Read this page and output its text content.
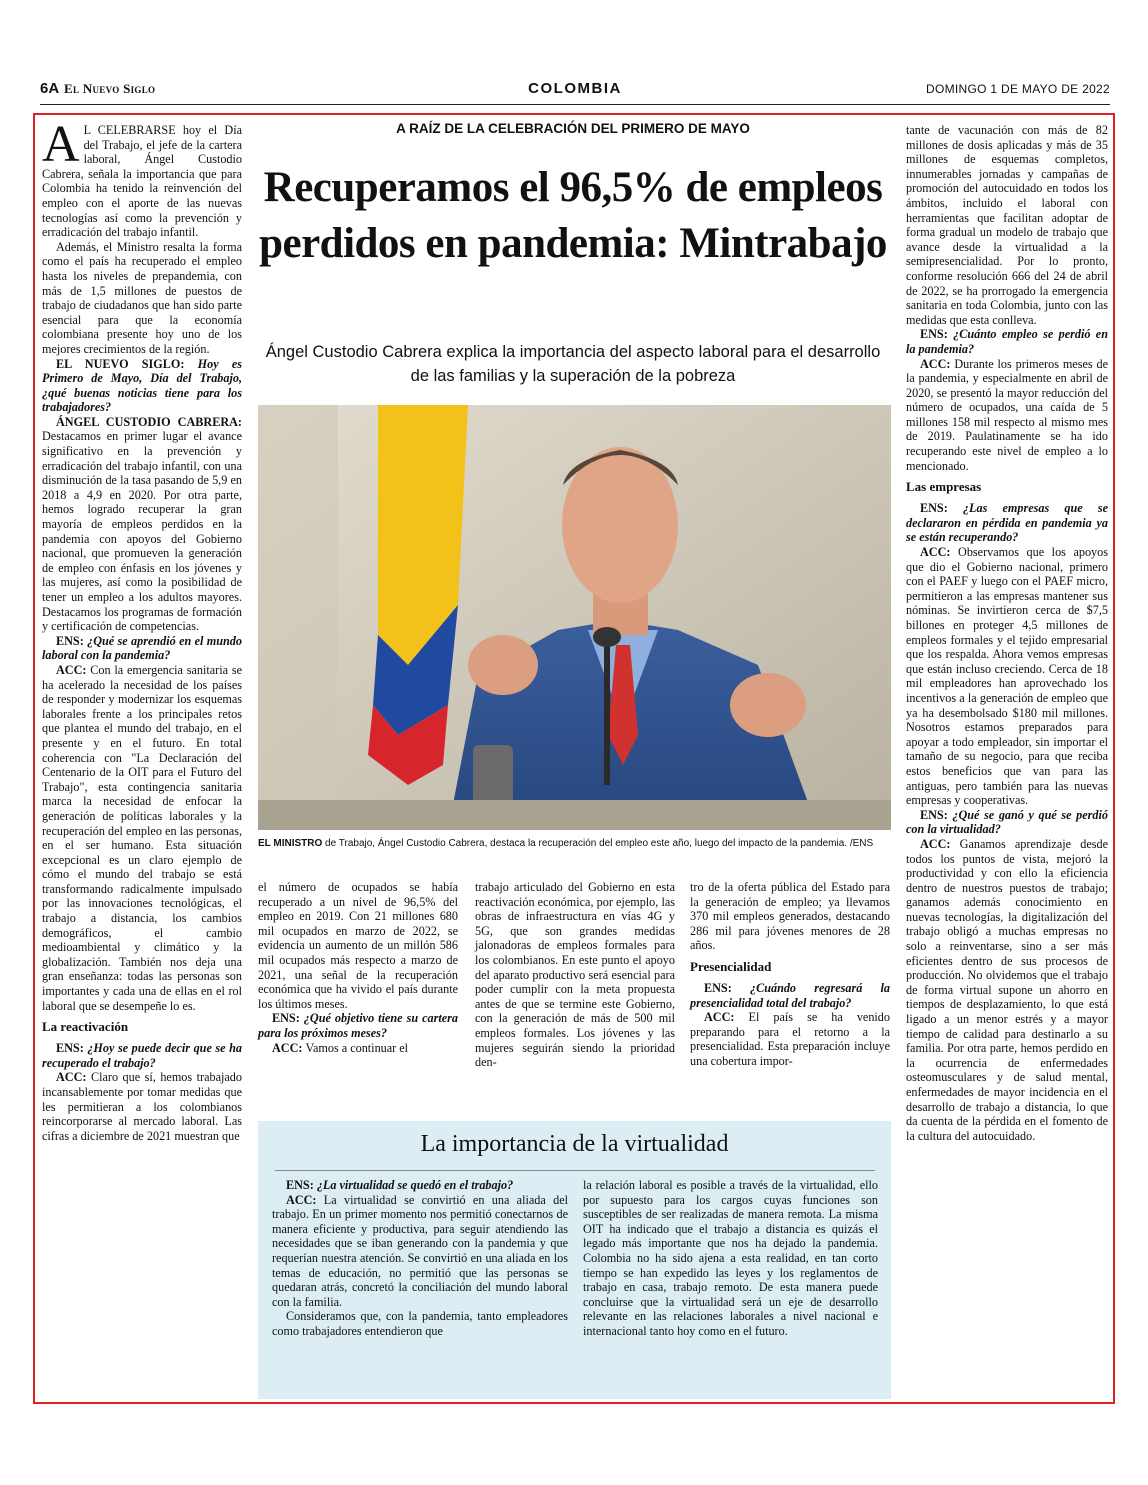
6A El Nuevo Siglo	COLOMBIA	DOMINGO 1 DE MAYO DE 2022
A RAÍZ DE LA CELEBRACIÓN DEL PRIMERO DE MAYO
Recuperamos el 96,5% de empleos perdidos en pandemia: Mintrabajo
Ángel Custodio Cabrera explica la importancia del aspecto laboral para el desarrollo de las familias y la superación de la pobreza
EL MINISTRO de Trabajo, Ángel Custodio Cabrera, destaca la recuperación del empleo este año, luego del impacto de la pandemia. /ENS

A L CELEBRARSE hoy el Día del Trabajo, el jefe de la cartera laboral, Ángel Custodio Cabrera, señala la importancia que para Colombia ha tenido la reinvención del empleo con el aporte de las nuevas tecnologías así como la prevención y erradicación del trabajo infantil.

Además, el Ministro resalta la forma como el país ha recuperado el empleo hasta los niveles de prepandemia, con más de 1,5 millones de puestos de trabajo de ciudadanos que han sido parte esencial para que la economía colombiana presente hoy uno de los mejores crecimientos de la región.

EL NUEVO SIGLO: Hoy es Primero de Mayo, Día del Trabajo, ¿qué buenas noticias tiene para los trabajadores?

ÁNGEL CUSTODIO CABRERA: Destacamos en primer lugar el avance significativo en la prevención y erradicación del trabajo infantil, con una disminución de la tasa pasando de 5,9 en 2018 a 4,9 en 2020. Por otra parte, hemos logrado recuperar la gran mayoría de empleos perdidos en la pandemia con apoyos del Gobierno nacional, que promueven la generación de empleo con énfasis en los jóvenes y las mujeres, así como la posibilidad de tener un empleo a los adultos mayores. Destacamos los programas de formación y certificación de competencias.

ENS: ¿Qué se aprendió en el mundo laboral con la pandemia?

ACC: Con la emergencia sanitaria se ha acelerado la necesidad de los países de responder y modernizar los esquemas laborales frente a los principales retos que plantea el mundo del trabajo, en el presente y en el futuro. En total coherencia con "La Declaración del Centenario de la OIT para el Futuro del Trabajo", esta contingencia sanitaria marca la necesidad de enfocar la generación de políticas laborales y la recuperación del empleo en las personas, en el ser humano. Esta situación excepcional es un claro ejemplo de cómo el mundo del trabajo se está transformando radicalmente impulsado por las innovaciones tecnológicas, el trabajo a distancia, los cambios demográficos, el cambio medioambiental y climático y la globalización. También nos deja una gran enseñanza: todas las personas son importantes y cada una de ellas en el rol laboral que se desempeñe lo es.

La reactivación

ENS: ¿Hoy se puede decir que se ha recuperado el trabajo?

ACC: Claro que sí, hemos trabajado incansablemente por tomar medidas que les permitieran a los colombianos reincorporarse al mercado laboral. Las cifras a diciembre de 2021 muestran que

el número de ocupados se había recuperado a un nivel de 96,5% del empleo en 2019. Con 21 millones 680 mil ocupados en marzo de 2022, se evidencia un aumento de un millón 586 mil ocupados más respecto a marzo de 2021, una señal de la recuperación económica que ha vivido el país durante los últimos meses.

ENS: ¿Qué objetivo tiene su cartera para los próximos meses?

ACC: Vamos a continuar el

trabajo articulado del Gobierno en esta reactivación económica, por ejemplo, las obras de infraestructura en vías 4G y 5G, que son grandes medidas jalonadoras de empleos formales para los colombianos. En este punto el apoyo del aparato productivo será esencial para poder cumplir con la meta propuesta antes de que se termine este Gobierno, con la generación de más de 500 mil empleos formales. Los jóvenes y las mujeres seguirán siendo la prioridad den-

tro de la oferta pública del Estado para la generación de empleo; ya llevamos 370 mil empleos generados, destacando 286 mil para jóvenes menores de 28 años.

Presencialidad

ENS: ¿Cuándo regresará la presencialidad total del trabajo?

ACC: El país se ha venido preparando para el retorno a la presencialidad. Esta preparación incluye una cobertura impor-

tante de vacunación con más de 82 millones de dosis aplicadas y más de 35 millones de esquemas completos, innumerables jornadas y campañas de promoción del autocuidado en todos los ámbitos, incluido el laboral con herramientas que facilitan adoptar de forma gradual un modelo de trabajo que avance desde la virtualidad a la semipresencialidad. Por lo pronto, conforme resolución 666 del 24 de abril de 2022, se ha prorrogado la emergencia sanitaria en toda Colombia, junto con las medidas que esta conlleva.

ENS: ¿Cuánto empleo se perdió en la pandemia?

ACC: Durante los primeros meses de la pandemia, y especialmente en abril de 2020, se presentó la mayor reducción del número de ocupados, una caída de 5 millones 158 mil respecto al mismo mes de 2019. Paulatinamente se ha ido recuperando este nivel de empleo a lo mencionado.

Las empresas

ENS: ¿Las empresas que se declararon en pérdida en pandemia ya se están recuperando?

ACC: Observamos que los apoyos que dio el Gobierno nacional, primero con el PAEF y luego con el PAEF micro, permitieron a las empresas mantener sus nóminas. Se invirtieron cerca de $7,5 billones en proteger 4,5 millones de empleos formales y el tejido empresarial que los respalda. Ahora vemos empresas que están incluso creciendo. Cerca de 18 mil empleadores han aprovechado los incentivos a la generación de empleo que ya ha desembolsado $180 mil millones. Nosotros estamos preparados para apoyar a todo empleador, sin importar el tamaño de su negocio, para que reciba estos beneficios que van para las antiguas, pero también para las nuevas empresas y cooperativas.

ENS: ¿Qué se ganó y qué se perdió con la virtualidad?

ACC: Ganamos aprendizaje desde todos los puntos de vista, mejoró la productividad y con ello la eficiencia dentro de nuestros puestos de trabajo; ganamos además conocimiento en nuevas tecnologías, la digitalización del trabajo obligó a muchas empresas no solo a reinventarse, sino a ser más eficientes dentro de sus procesos de producción. No olvidemos que el trabajo de forma virtual supone un ahorro en tiempos de desplazamiento, lo que está ligado a un menor estrés y a mayor tiempo de calidad para destinarlo a su familia. Por otra parte, hemos perdido en la ocurrencia de enfermedades osteomusculares y de salud mental, enfermedades de mayor incidencia en el desarrollo de trabajo a distancia, lo que da cuenta de la pérdida en el fomento de la cultura del autocuidado.

La importancia de la virtualidad

ENS: ¿La virtualidad se quedó en el trabajo?

ACC: La virtualidad se convirtió en una aliada del trabajo. En un primer momento nos permitió conectarnos de manera eficiente y productiva, para seguir atendiendo las necesidades que se iban generando con la pandemia y que requerían nuestra atención. Se convirtió en una aliada en los temas de educación, no permitió que las personas se quedaran atrás, concretó la conciliación del mundo laboral con la familia.

Consideramos que, con la pandemia, tanto empleadores como trabajadores entendieron que

la relación laboral es posible a través de la virtualidad, ello por supuesto para los cargos cuyas funciones son susceptibles de ser realizadas de manera remota. La misma OIT ha indicado que el trabajo a distancia es quizás el legado más importante que nos ha dejado la pandemia. Colombia no ha sido ajena a esta realidad, en tan corto tiempo se han expedido las leyes y los reglamentos de trabajo en casa, trabajo remoto. De esta manera puede concluirse que la virtualidad será un eje de desarrollo relevante en las relaciones laborales a nivel nacional e internacional tanto hoy como en el futuro.
